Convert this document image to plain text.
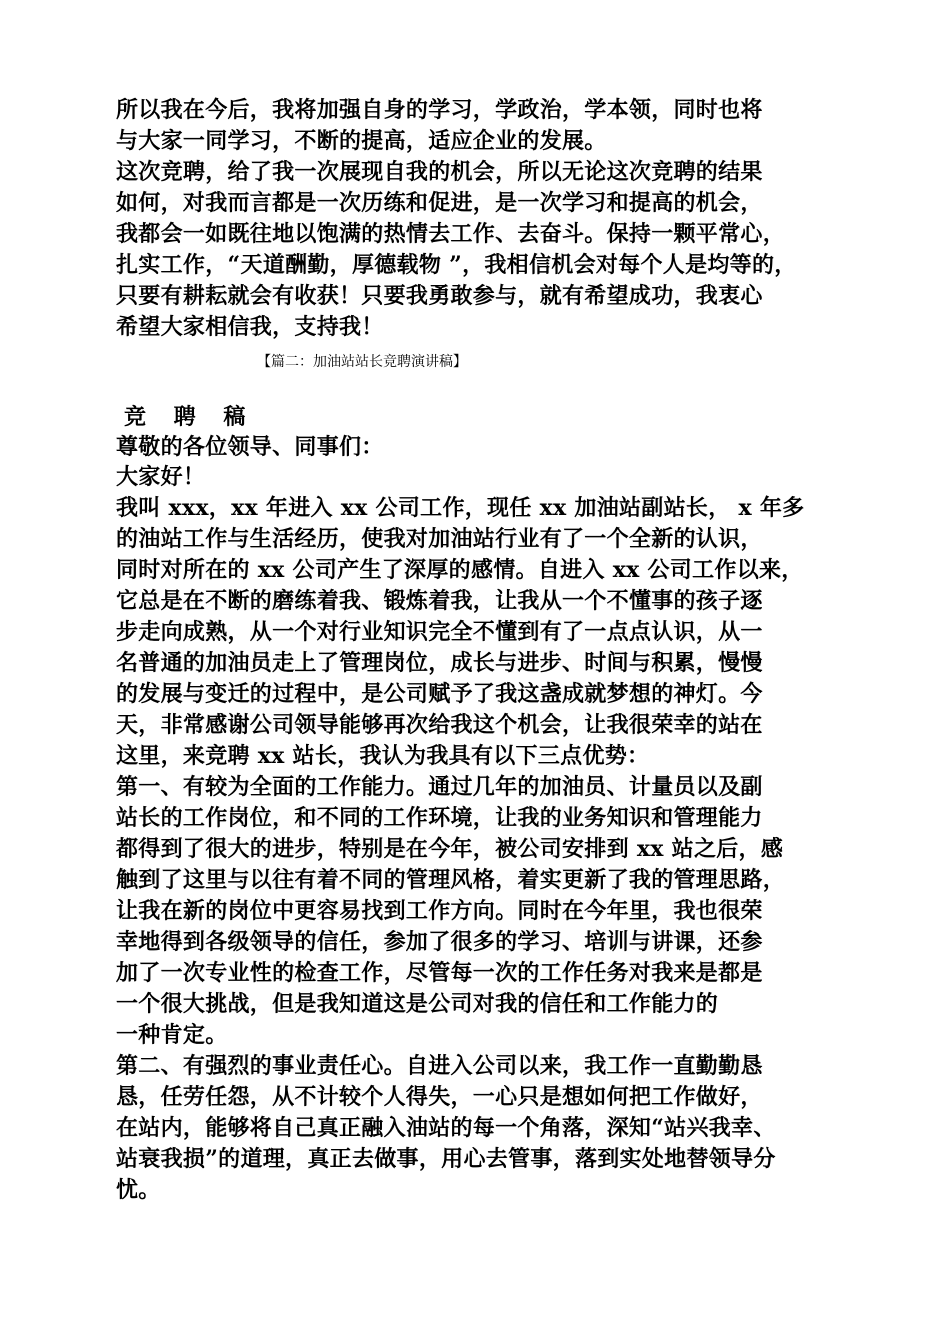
所以我在今后，我将加强自身的学习，学政治，学本领，同时也将
与大家一同学习，不断的提高，适应企业的发展。
这次竞聘，给了我一次展现自我的机会，所以无论这次竞聘的结果
如何，对我而言都是一次历练和促进，是一次学习和提高的机会，
我都会一如既往地以饱满的热情去工作、去奋斗。保持一颗平常心，
扎实工作，“天道酬勤，厚德载物 ”，我相信机会对每个人是均等的，
只要有耕耘就会有收获！只要我勇敢参与，就有希望成功，我衷心
希望大家相信我，支持我！
【篇二：加油站站长竞聘演讲稿】
竞 聘 稿
尊敬的各位领导、同事们：
大家好！
我叫 xxx，xx 年进入 xx 公司工作，现任 xx 加油站副站长， x 年多
的油站工作与生活经历，使我对加油站行业有了一个全新的认识，
同时对所在的 xx 公司产生了深厚的感情。自进入 xx 公司工作以来，
它总是在不断的磨练着我、锻炼着我，让我从一个不懂事的孩子逐
步走向成熟，从一个对行业知识完全不懂到有了一点点认识，从一
名普通的加油员走上了管理岗位，成长与进步、时间与积累，慢慢
的发展与变迁的过程中，是公司赋予了我这盏成就梦想的神灯。今
天，非常感谢公司领导能够再次给我这个机会，让我很荣幸的站在
这里，来竞聘 xx 站长，我认为我具有以下三点优势：
第一、有较为全面的工作能力。通过几年的加油员、计量员以及副
站长的工作岗位，和不同的工作环境，让我的业务知识和管理能力
都得到了很大的进步，特别是在今年，被公司安排到 xx 站之后，感
触到了这里与以往有着不同的管理风格，着实更新了我的管理思路，
让我在新的岗位中更容易找到工作方向。同时在今年里，我也很荣
幸地得到各级领导的信任，参加了很多的学习、培训与讲课，还参
加了一次专业性的检查工作，尽管每一次的工作任务对我来是都是
一个很大挑战，但是我知道这是公司对我的信任和工作能力的
一种肯定。
第二、有强烈的事业责任心。自进入公司以来，我工作一直勤勤恳
恳，任劳任怨，从不计较个人得失，一心只是想如何把工作做好，
在站内，能够将自己真正融入油站的每一个角落，深知“站兴我幸、
站衰我损”的道理，真正去做事，用心去管事，落到实处地替领导分
忧。
